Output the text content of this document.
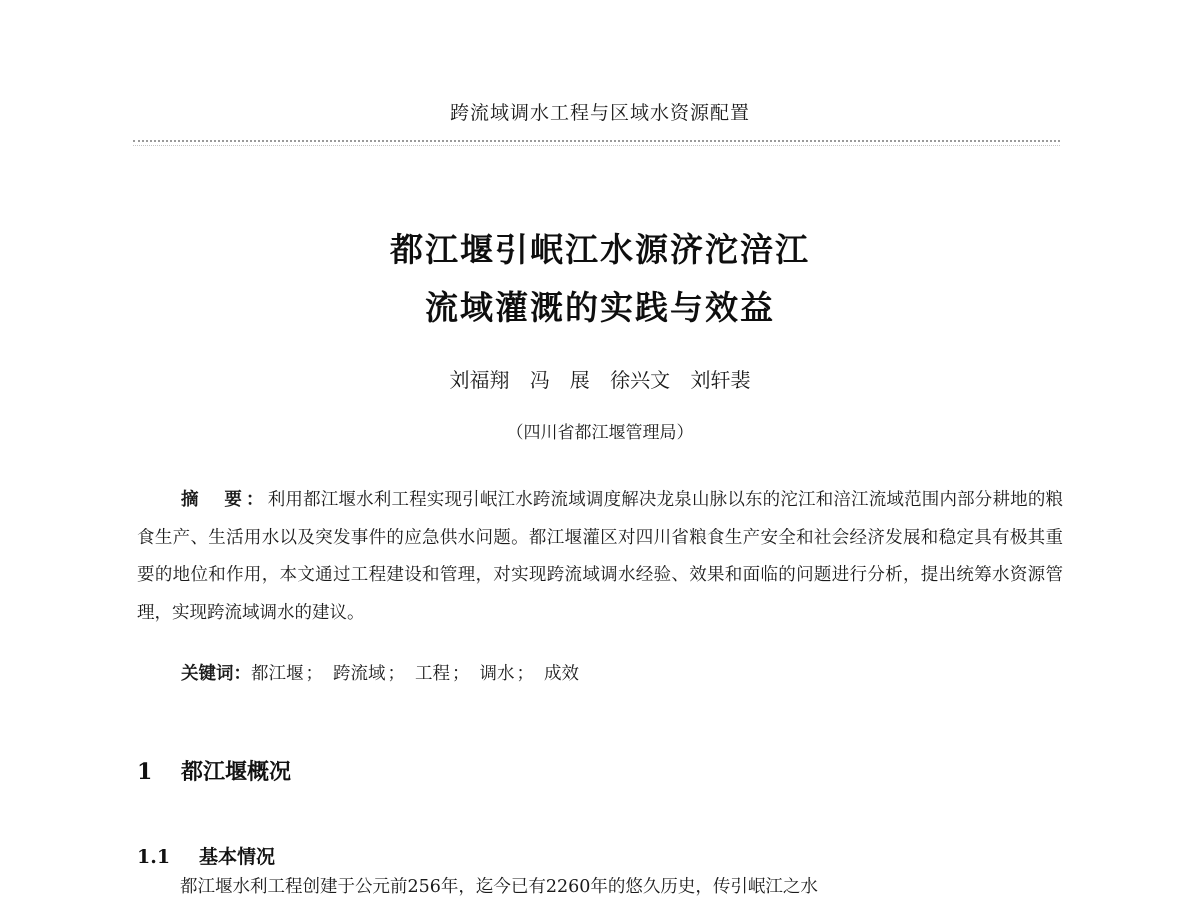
跨流域调水工程与区域水资源配置
都江堰引岷江水源济沱涪江
流域灌溉的实践与效益
刘福翔 冯　展 徐兴文 刘轩裴
（四川省都江堰管理局）
摘　要：利用都江堰水利工程实现引岷江水跨流域调度解决龙泉山脉以东的沱江和涪江流域范围内部分耕地的粮食生产、生活用水以及突发事件的应急供水问题。都江堰灌区对四川省粮食生产安全和社会经济发展和稳定具有极其重要的地位和作用，本文通过工程建设和管理，对实现跨流域调水经验、效果和面临的问题进行分析，提出统筹水资源管理，实现跨流域调水的建议。
关键词：都江堰 ； 跨流域 ； 工程 ； 调水 ； 成效
1 都江堰概况
1.1 基本情况
都江堰水利工程创建于公元前256年，迄今已有2260年的悠久历史，传引岷江之水
